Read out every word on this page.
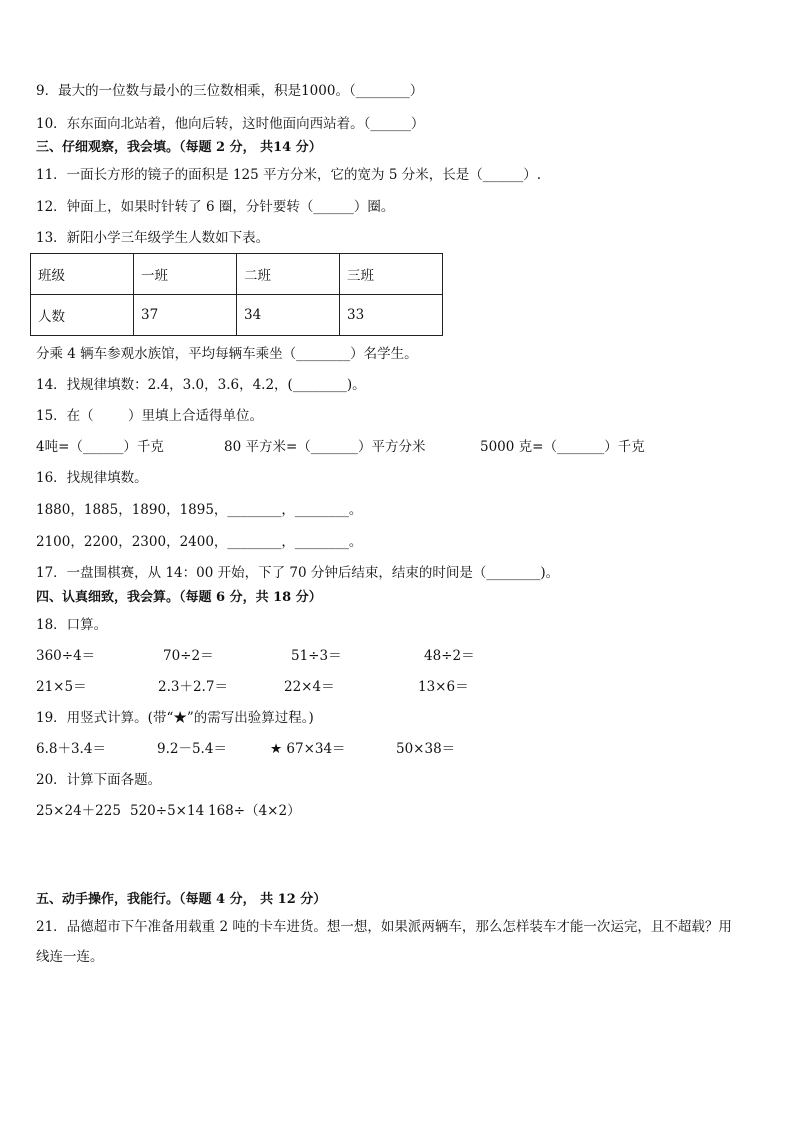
9．最大的一位数与最小的三位数相乘，积是1000。（________）
10．东东面向北站着，他向后转，这时他面向西站着。（______）
三、仔细观察，我会填。（每题 2 分， 共14 分）
11．一面长方形的镜子的面积是 125 平方分米，它的宽为 5 分米，长是（______）.
12．钟面上，如果时针转了 6 圈，分针要转（______）圈。
13．新阳小学三年级学生人数如下表。
班级	一班	二班	三班
人数	37	34	33
分乘 4 辆车参观水族馆，平均每辆车乘坐（________）名学生。
14．找规律填数：2.4，3.0，3.6，4.2，(________)。
15．在（        ）里填上合适得单位。
4吨=（______）千克	80 平方米=（_______）平方分米	5000 克=（_______）千克
16．找规律填数。
1880，1885，1890，1895，________，________。
2100，2200，2300，2400，________，________。
17．一盘围棋赛，从 14：00 开始，下了 70 分钟后结束，结束的时间是（________)。
四、认真细致，我会算。（每题 6 分，共 18 分）
18．口算。
360÷4＝	70÷2＝	51÷3＝	48÷2＝
21×5＝	2.3＋2.7＝	22×4＝	13×6＝
19．用竖式计算。(带“★”的需写出验算过程。)
6.8＋3.4＝	9.2－5.4＝	★ 67×34＝	50×38＝
20．计算下面各题。
25×24＋225 520÷5×14 168÷（4×2）
五、动手操作，我能行。（每题 4 分， 共 12 分）
21．品德超市下午准备用载重 2 吨的卡车进货。想一想，如果派两辆车，那么怎样装车才能一次运完，且不超载？用
线连一连。
